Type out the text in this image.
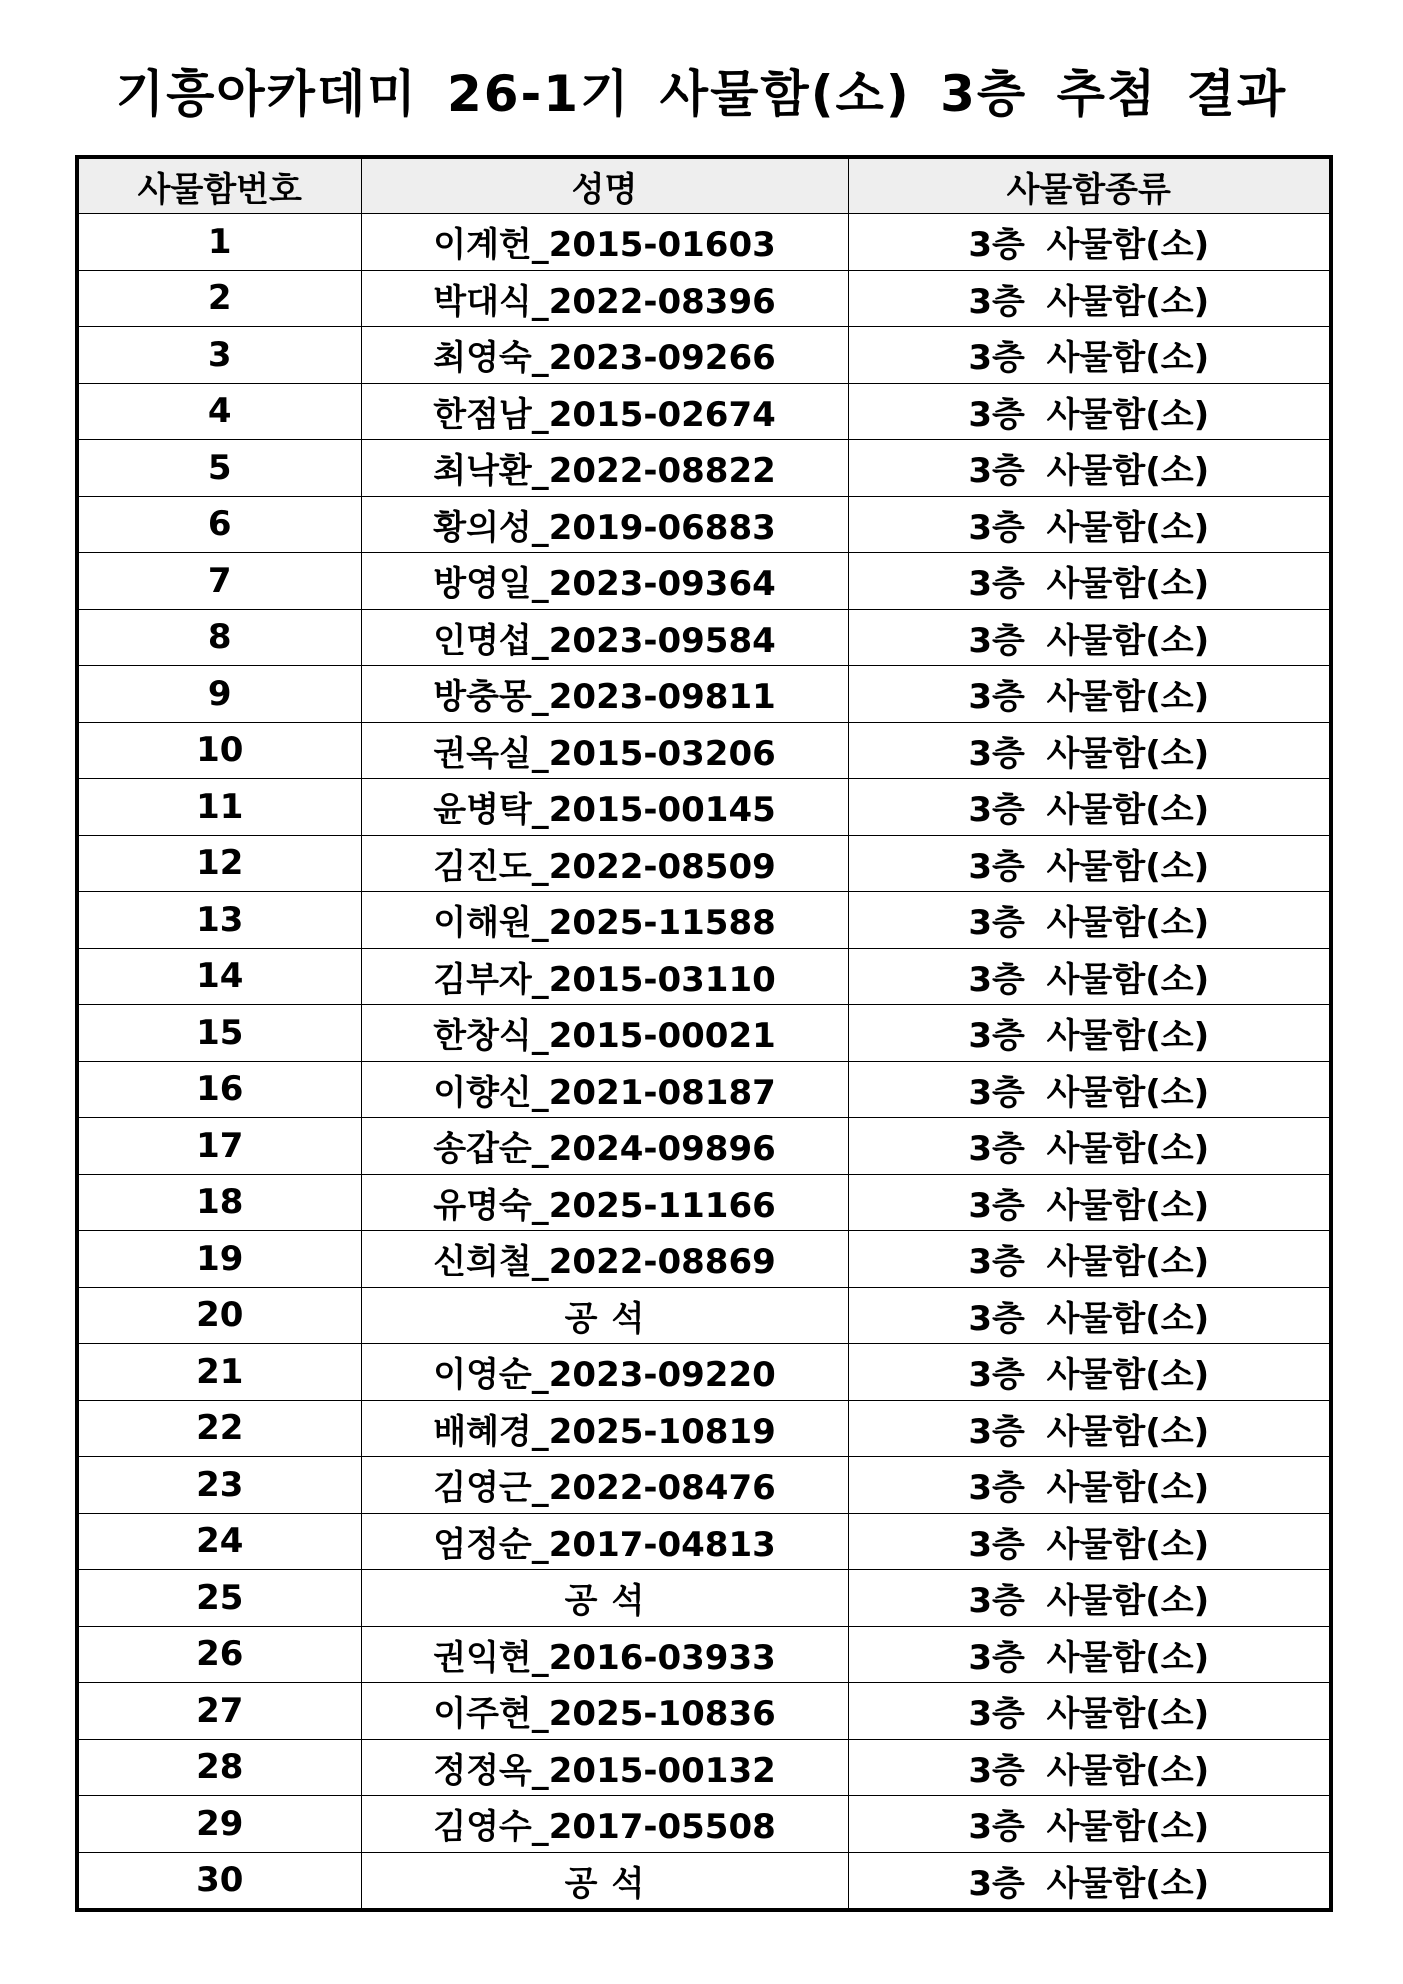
기흥아카데미 26-1기 사물함(소) 3층 추첨 결과
사물함번호	성명	사물함종류
1	이계헌_2015-01603	3층 사물함(소)
2	박대식_2022-08396	3층 사물함(소)
3	최영숙_2023-09266	3층 사물함(소)
4	한점남_2015-02674	3층 사물함(소)
5	최낙환_2022-08822	3층 사물함(소)
6	황의성_2019-06883	3층 사물함(소)
7	방영일_2023-09364	3층 사물함(소)
8	인명섭_2023-09584	3층 사물함(소)
9	방충몽_2023-09811	3층 사물함(소)
10	권옥실_2015-03206	3층 사물함(소)
11	윤병탁_2015-00145	3층 사물함(소)
12	김진도_2022-08509	3층 사물함(소)
13	이해원_2025-11588	3층 사물함(소)
14	김부자_2015-03110	3층 사물함(소)
15	한창식_2015-00021	3층 사물함(소)
16	이향신_2021-08187	3층 사물함(소)
17	송갑순_2024-09896	3층 사물함(소)
18	유명숙_2025-11166	3층 사물함(소)
19	신희철_2022-08869	3층 사물함(소)
20	공석	3층 사물함(소)
21	이영순_2023-09220	3층 사물함(소)
22	배혜경_2025-10819	3층 사물함(소)
23	김영근_2022-08476	3층 사물함(소)
24	엄정순_2017-04813	3층 사물함(소)
25	공석	3층 사물함(소)
26	권익현_2016-03933	3층 사물함(소)
27	이주현_2025-10836	3층 사물함(소)
28	정정옥_2015-00132	3층 사물함(소)
29	김영수_2017-05508	3층 사물함(소)
30	공석	3층 사물함(소)
